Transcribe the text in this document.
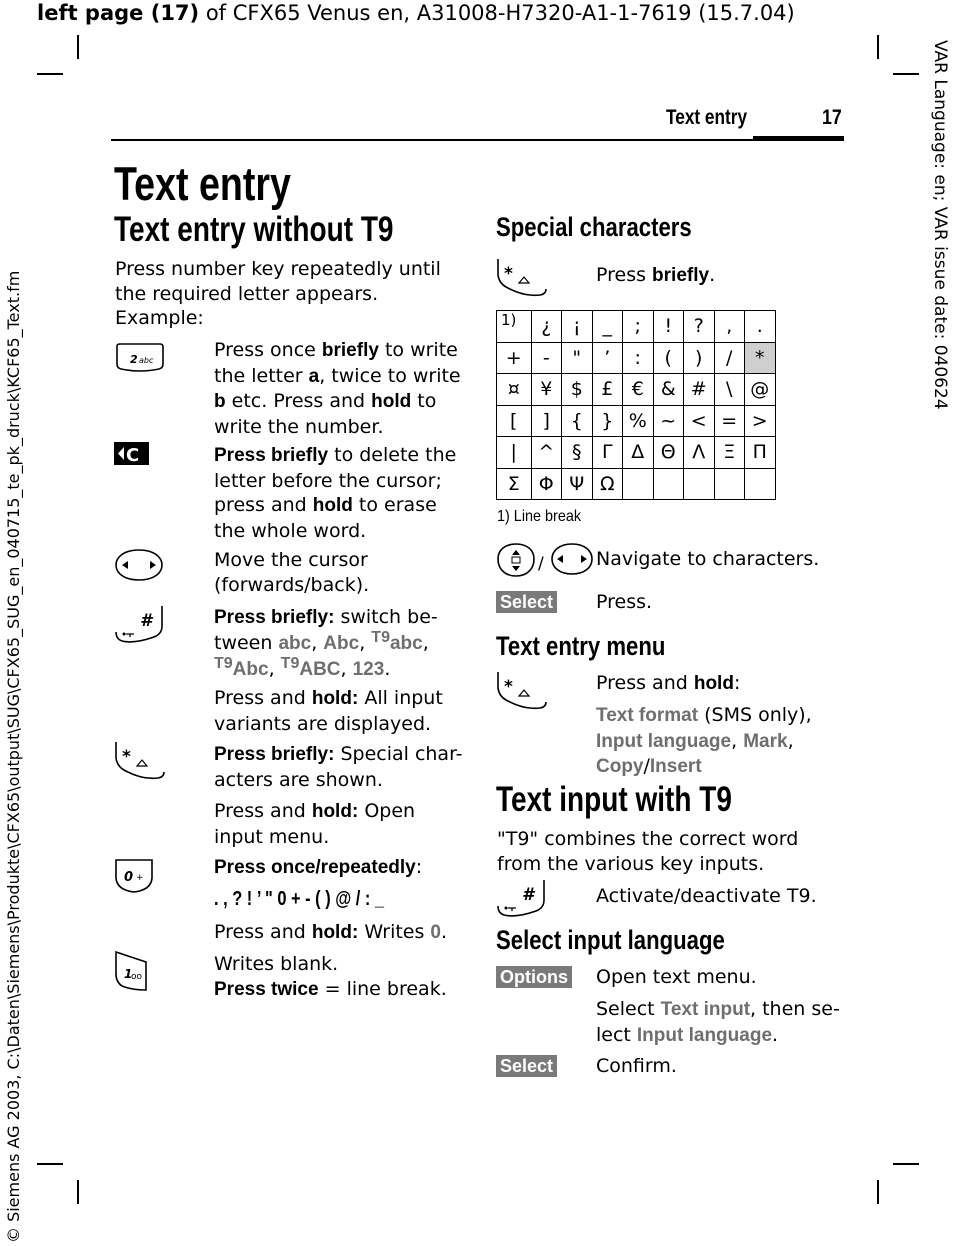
left page (17) of CFX65 Venus en, A31008-H7320-A1-1-7619 (15.7.04)
VAR Language: en; VAR issue date: 040624
© Siemens AG 2003, C:\Daten\Siemens\Produkte\CFX65\output\SUG\CFX65_SUG_en_040715_te_pk_druck\KCF65_Text.fm
Text entry	17
Text entry
Text entry without T9
Press number key repeatedly until the required letter appears. Example:
2 abc	Press once briefly to write the letter a, twice to write b etc. Press and hold to write the number.
C	Press briefly to delete the letter before the cursor; press and hold to erase the whole word.
Move the cursor (forwards/back).
#	Press briefly: switch be-tween abc, Abc, $^{T9}$abc, $^{T9}$Abc, $^{T9}$ABC, 123.
Press and hold: All input variants are displayed.
*	Press briefly: Special char-acters are shown.
Press and hold: Open input menu.
0 +	Press once/repeatedly:
. , ? ! ’ " 0 + - ( ) @ / : _
Press and hold: Writes 0.
1
oo
Writes blank.
Press twice = line break.
Special characters
*	Press briefly.
1)	¿	¡	_	;	!	?	,	.
+	-	"	’	:	(	)	/	*
¤	¥	$	£	€	&	#	\	@
[	]	{	}	%	~	<	=	>
|	^	§	Γ	Δ	Θ	Λ	Ξ	Π
Σ	Φ	Ψ	Ω					
1) Line break
/	Navigate to characters.
Select Press.
Text entry menu
*	Press and hold:
Text format (SMS only),
Input language, Mark,
Copy/Insert
Text input with T9
"T9" combines the correct word from the various key inputs.
#	Activate/deactivate T9.
Select input language
Options Open text menu.
Select Text input, then se-lect Input language.
Select Confirm.
